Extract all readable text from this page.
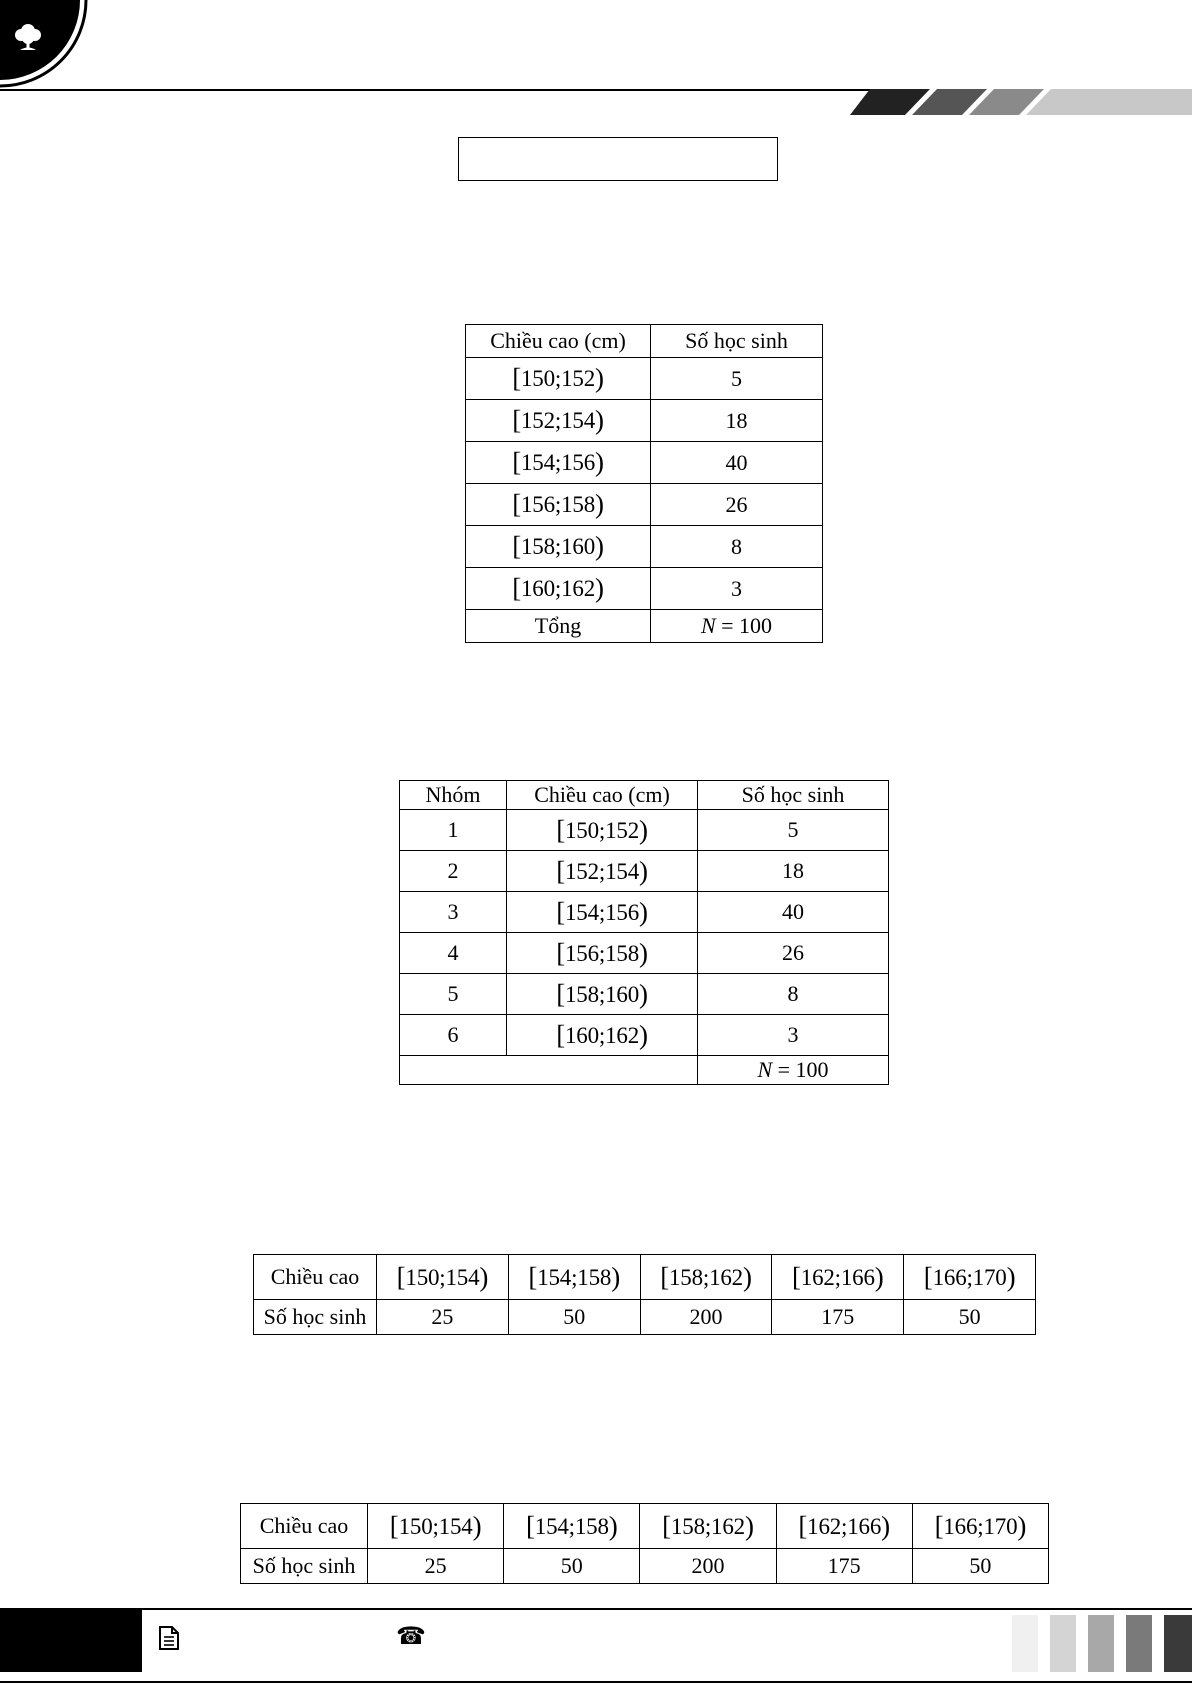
Chiều cao (cm)	Số học sinh
[150;152)	5
[152;154)	18
[154;156)	40
[156;158)	26
[158;160)	8
[160;162)	3
Tổng	N = 100
Nhóm	Chiều cao (cm)	Số học sinh
1	[150;152)	5
2	[152;154)	18
3	[154;156)	40
4	[156;158)	26
5	[158;160)	8
6	[160;162)	3
		N = 100
Chiều cao	[150;154)	[154;158)	[158;162)	[162;166)	[166;170)
Số học sinh	25	50	200	175	50
Chiều cao	[150;154)	[154;158)	[158;162)	[162;166)	[166;170)
Số học sinh	25	50	200	175	50
☎
